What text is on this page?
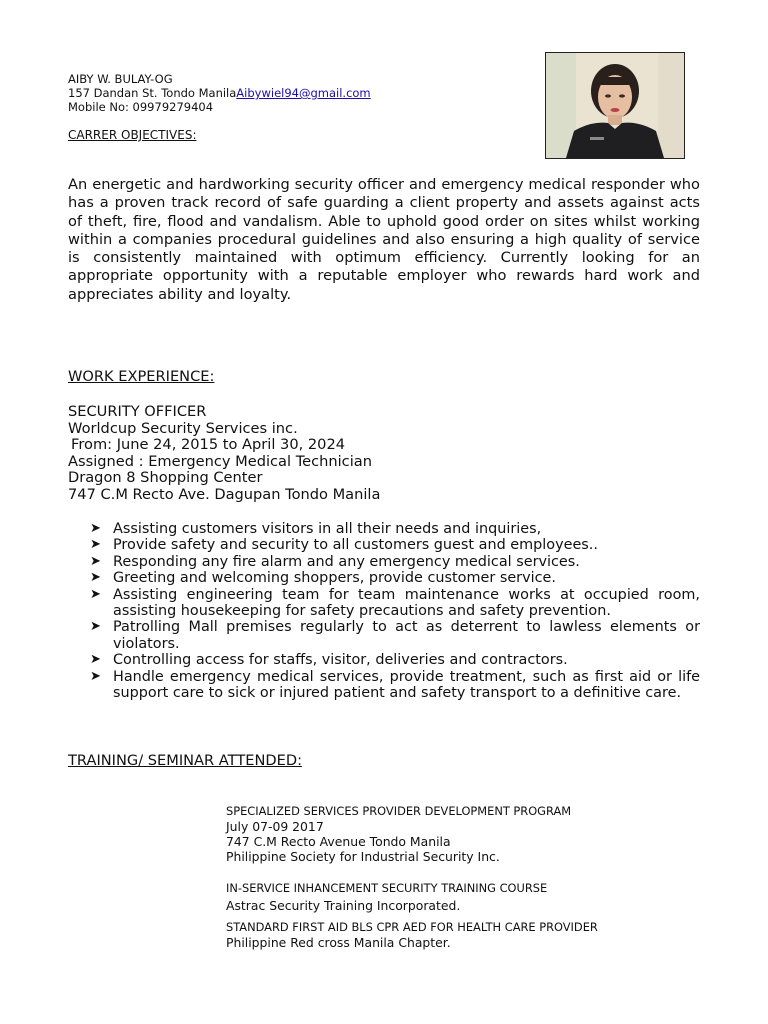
AIBY W. BULAY-OG
157 Dandan St. Tondo ManilaAibywiel94@gmail.com
Mobile No: 09979279404
CARRER OBJECTIVES:
An energetic and hardworking security officer and emergency medical responder who has a proven track record of safe guarding a client property and assets against acts of theft, fire, flood and vandalism. Able to uphold good order on sites whilst working within a companies procedural guidelines and also ensuring a high quality of service is consistently maintained with optimum efficiency. Currently looking for an appropriate opportunity with a reputable employer who rewards hard work and appreciates ability and loyalty.
WORK EXPERIENCE:
SECURITY OFFICER
Worldcup Security Services inc.
From: June 24, 2015 to April 30, 2024
Assigned : Emergency Medical Technician
Dragon 8 Shopping Center
747 C.M Recto Ave. Dagupan Tondo Manila
➤ Assisting customers visitors in all their needs and inquiries,
➤ Provide safety and security to all customers guest and employees..
➤ Responding any fire alarm and any emergency medical services.
➤ Greeting and welcoming shoppers, provide customer service.
➤ Assisting engineering team for team maintenance works at occupied room, assisting housekeeping for safety precautions and safety prevention.
➤ Patrolling Mall premises regularly to act as deterrent to lawless elements or violators.
➤ Controlling access for staffs, visitor, deliveries and contractors.
➤ Handle emergency medical services, provide treatment, such as first aid or life support care to sick or injured patient and safety transport to a definitive care.
TRAINING/ SEMINAR ATTENDED:
SPECIALIZED SERVICES PROVIDER DEVELOPMENT PROGRAM
July 07-09 2017
747 C.M Recto Avenue Tondo Manila
Philippine Society for Industrial Security Inc.
IN-SERVICE INHANCEMENT SECURITY TRAINING COURSE
Astrac Security Training Incorporated.
STANDARD FIRST AID BLS CPR AED FOR HEALTH CARE PROVIDER
Philippine Red cross Manila Chapter.
